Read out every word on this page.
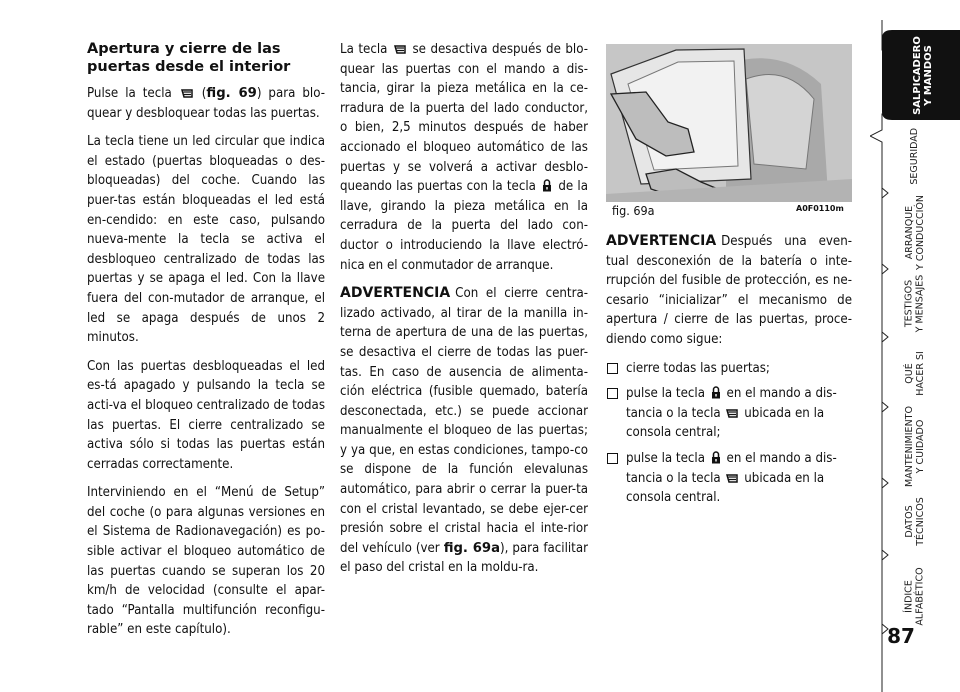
Apertura y cierre de las puertas desde el interior

Pulse la tecla (fig. 69) para blo-quear y desbloquear todas las puertas.

La tecla tiene un led circular que indica el estado (puertas bloqueadas o des-bloqueadas) del coche. Cuando las puer-tas están bloqueadas el led está en-cendido: en este caso, pulsando nueva-mente la tecla se activa el desbloqueo centralizado de todas las puertas y se apaga el led. Con la llave fuera del con-mutador de arranque, el led se apaga después de unos 2 minutos.

Con las puertas desbloqueadas el led es-tá apagado y pulsando la tecla se acti-va el bloqueo centralizado de todas las puertas. El cierre centralizado se activa sólo si todas las puertas están cerradas correctamente.

Interviniendo en el “Menú de Setup” del coche (o para algunas versiones en el Sistema de Radionavegación) es po-sible activar el bloqueo automático de las puertas cuando se superan los 20 km/h de velocidad (consulte el apar-tado “Pantalla multifunción reconfigu-rable” en este capítulo).

La tecla se desactiva después de blo-quear las puertas con el mando a dis-tancia, girar la pieza metálica en la ce-rradura de la puerta del lado conductor, o bien, 2,5 minutos después de haber accionado el bloqueo automático de las puertas y se volverá a activar desblo-queando las puertas con la tecla de la llave, girando la pieza metálica en la cerradura de la puerta del lado con-ductor o introduciendo la llave electró-nica en el conmutador de arranque.

ADVERTENCIA Con el cierre centra-lizado activado, al tirar de la manilla in-terna de apertura de una de las puertas, se desactiva el cierre de todas las puer-tas. En caso de ausencia de alimenta-ción eléctrica (fusible quemado, batería desconectada, etc.) se puede accionar manualmente el bloqueo de las puertas; y ya que, en estas condiciones, tampo-co se dispone de la función elevalunas automático, para abrir o cerrar la puer-ta con el cristal levantado, se debe ejer-cer presión sobre el cristal hacia el inte-rior del vehículo (ver fig. 69a), para facilitar el paso del cristal en la moldu-ra.

fig. 69a	A0F0110m

ADVERTENCIA Después una even-tual desconexión de la batería o inte-rrupción del fusible de protección, es ne-cesario “inicializar” el mecanismo de apertura / cierre de las puertas, proce-diendo como sigue:

cierre todas las puertas;
pulse la tecla en el mando a dis-tancia o la tecla ubicada en la consola central;
pulse la tecla en el mando a dis-tancia o la tecla ubicada en la consola central.
SALPICADERO
Y MANDOS
SEGURIDAD
ARRANQUE
Y CONDUCCIÓN
TESTIGOS
Y MENSAJES
QUÉ
HACER SI
MANTENIMIENTO
Y CUIDADO
DATOS
TÉCNICOS
ÍNDICE
ALFABÉTICO
87
